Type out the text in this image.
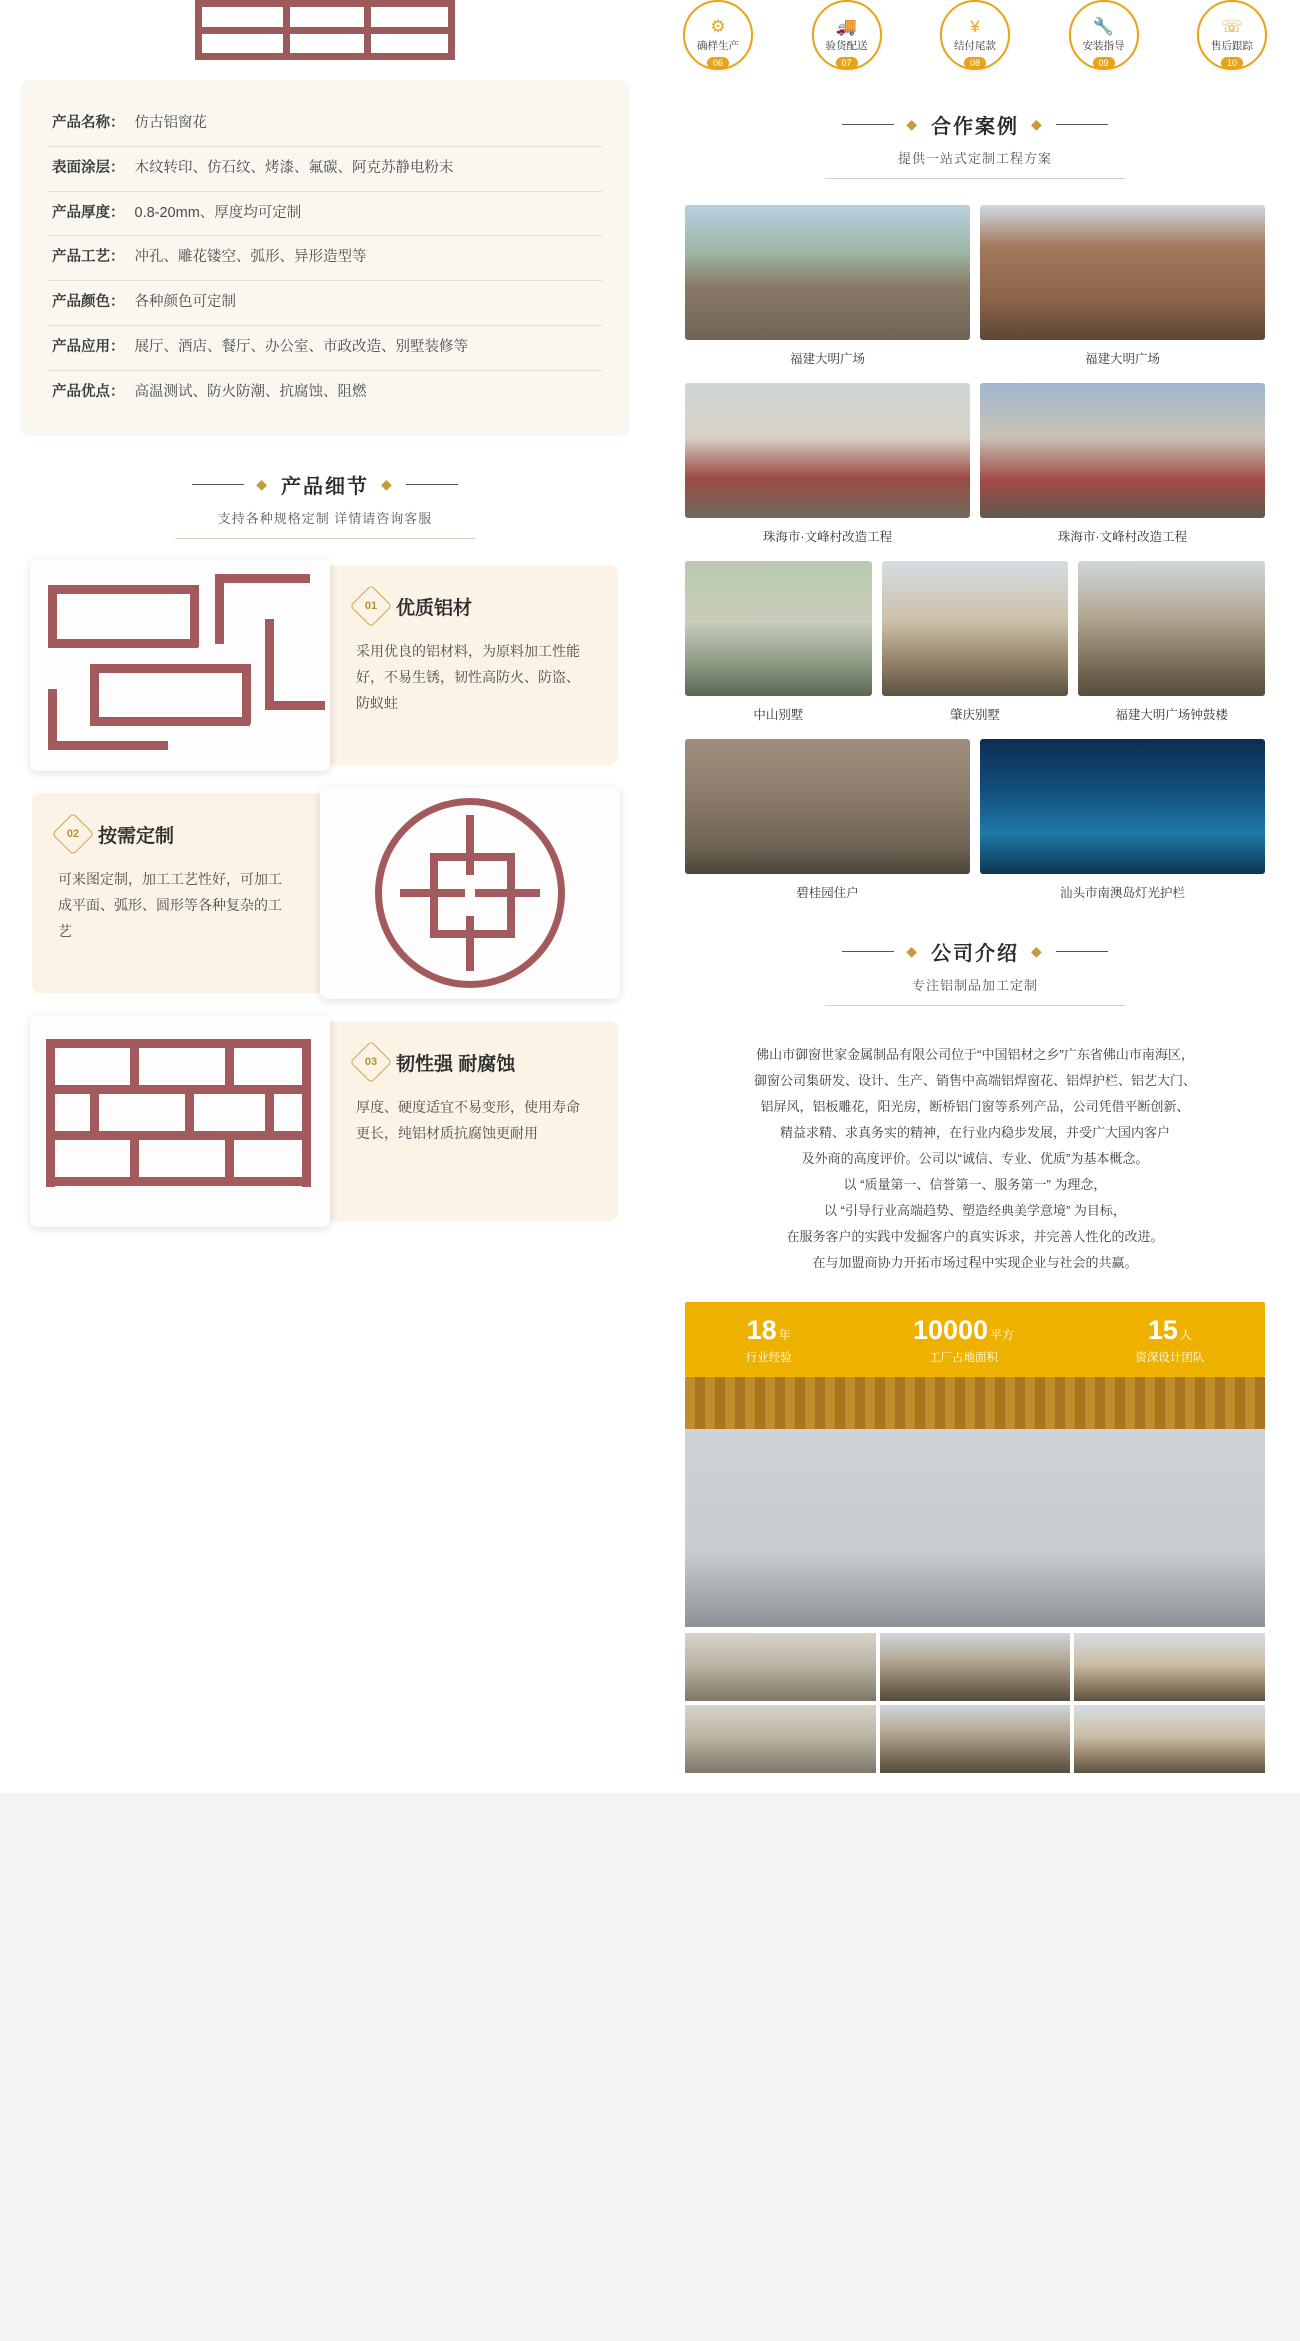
产品名称： 仿古铝窗花
表面涂层： 木纹转印、仿石纹、烤漆、氟碳、阿克苏静电粉末
产品厚度： 0.8-20mm、厚度均可定制
产品工艺： 冲孔、雕花镂空、弧形、异形造型等
产品颜色： 各种颜色可定制
产品应用： 展厅、酒店、餐厅、办公室、市政改造、别墅装修等
产品优点： 高温测试、防火防潮、抗腐蚀、阻燃
◆ 产品细节 ◆
支持各种规格定制 详情请咨询客服
01 优质铝材
采用优良的铝材料，为原料加工性能好，不易生锈，韧性高防火、防盗、防蚁蛀
02 按需定制
可来图定制，加工工艺性好，可加工成平面、弧形、圆形等各种复杂的工艺
03 韧性强 耐腐蚀
厚度、硬度适宜不易变形，使用寿命更长，纯铝材质抗腐蚀更耐用
⚙
确样生产
06
🚚
验货配送
07
¥
结付尾款
08
🔧
安装指导
09
☏
售后跟踪
10
◆ 合作案例 ◆
提供一站式定制工程方案
福建大明广场	福建大明广场
珠海市·文峰村改造工程	珠海市·文峰村改造工程
中山别墅	肇庆别墅	福建大明广场钟鼓楼
碧桂园住户	汕头市南澳岛灯光护栏
◆ 公司介绍 ◆
专注铝制品加工定制
佛山市御窗世家金属制品有限公司位于“中国铝材之乡”广东省佛山市南海区，
御窗公司集研发、设计、生产、销售中高端铝焊窗花、铝焊护栏、铝艺大门、
铝屏风，铝板雕花，阳光房，断桥铝门窗等系列产品，公司凭借平断创新、
精益求精、求真务实的精神，在行业内稳步发展，并受广大国内客户
及外商的高度评价。公司以“诚信、专业、优质”为基本概念。
以 “质量第一、信誉第一、服务第一” 为理念，
以 “引导行业高端趋势、塑造经典美学意境” 为目标，
在服务客户的实践中发掘客户的真实诉求，并完善人性化的改进。
在与加盟商协力开拓市场过程中实现企业与社会的共赢。
18 年
行业经验
10000 平方
工厂占地面积
15 人
资深设计团队
